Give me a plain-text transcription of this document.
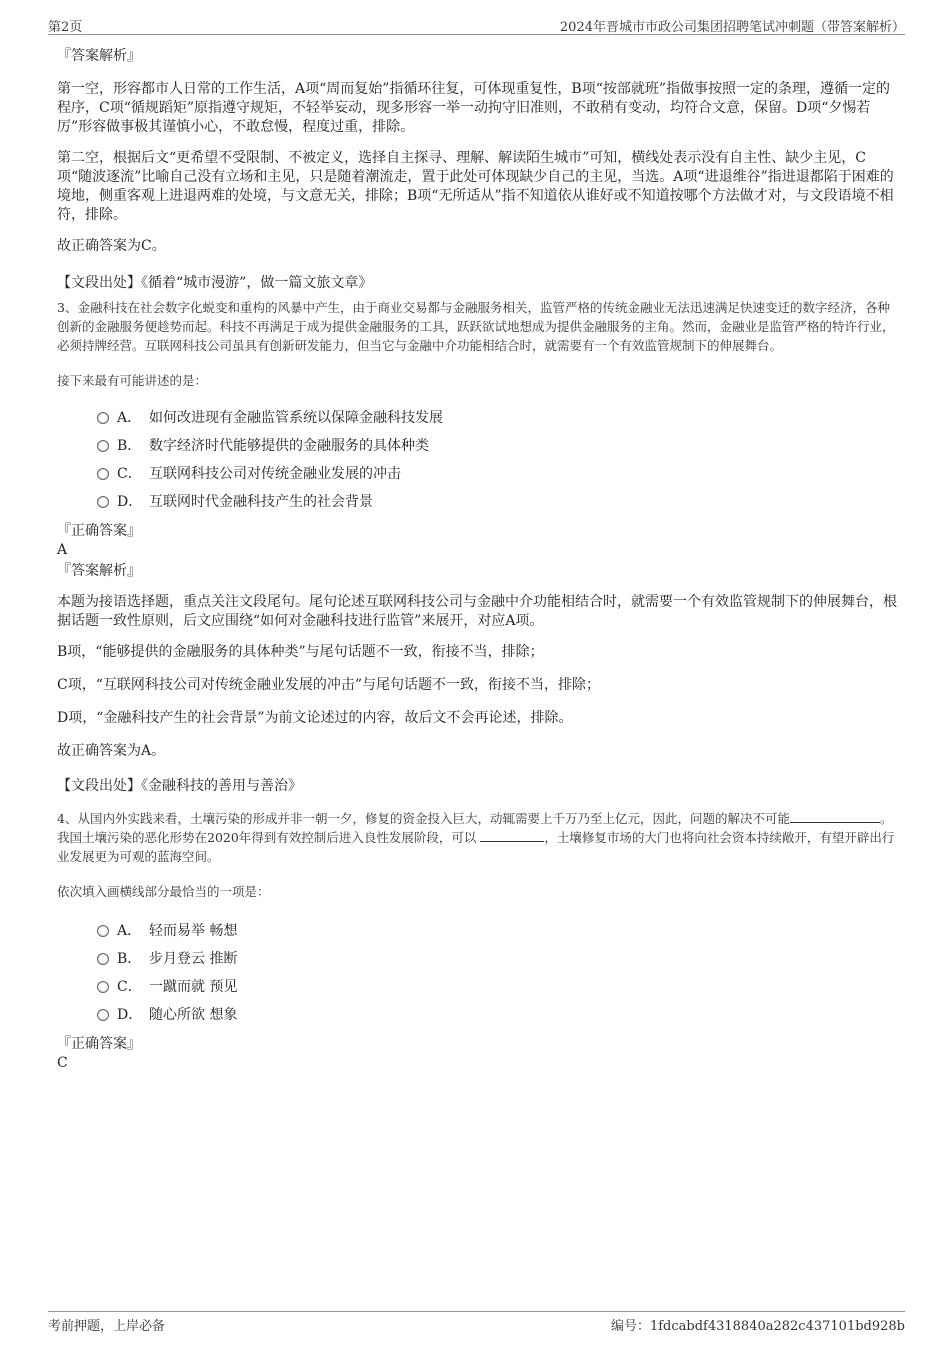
第2页	2024年晋城市市政公司集团招聘笔试冲刺题（带答案解析）

『答案解析』

第一空，形容都市人日常的工作生活，A项“周而复始”指循环往复，可体现重复性，B项“按部就班”指做事按照一定的条理，遵循一定的程序，C项“循规蹈矩”原指遵守规矩，不轻举妄动，现多形容一举一动拘守旧准则，不敢稍有变动，均符合文意，保留。D项“夕惕若厉”形容做事极其谨慎小心，不敢怠慢，程度过重，排除。

第二空，根据后文“更希望不受限制、不被定义，选择自主探寻、理解、解读陌生城市”可知，横线处表示没有自主性、缺少主见，C项“随波逐流”比喻自己没有立场和主见，只是随着潮流走，置于此处可体现缺少自己的主见，当选。A项“进退维谷”指进退都陷于困难的境地，侧重客观上进退两难的处境，与文意无关，排除；B项“无所适从”指不知道依从谁好或不知道按哪个方法做才对，与文段语境不相符，排除。

故正确答案为C。

【文段出处】《循着“城市漫游”，做一篇文旅文章》

3、金融科技在社会数字化蜕变和重构的风暴中产生，由于商业交易都与金融服务相关，监管严格的传统金融业无法迅速满足快速变迁的数字经济，各种创新的金融服务便趁势而起。科技不再满足于成为提供金融服务的工具，跃跃欲试地想成为提供金融服务的主角。然而，金融业是监管严格的特许行业，必须持牌经营。互联网科技公司虽具有创新研发能力，但当它与金融中介功能相结合时，就需要有一个有效监管规制下的伸展舞台。

接下来最有可能讲述的是：

A． 如何改进现有金融监管系统以保障金融科技发展
B． 数字经济时代能够提供的金融服务的具体种类
C． 互联网科技公司对传统金融业发展的冲击
D． 互联网时代金融科技产生的社会背景

『正确答案』

A

『答案解析』

本题为接语选择题，重点关注文段尾句。尾句论述互联网科技公司与金融中介功能相结合时，就需要一个有效监管规制下的伸展舞台，根据话题一致性原则，后文应围绕“如何对金融科技进行监管”来展开，对应A项。

B项，“能够提供的金融服务的具体种类”与尾句话题不一致，衔接不当，排除；

C项，“互联网科技公司对传统金融业发展的冲击”与尾句话题不一致，衔接不当，排除；

D项，“金融科技产生的社会背景”为前文论述过的内容，故后文不会再论述，排除。

故正确答案为A。

【文段出处】《金融科技的善用与善治》

4、从国内外实践来看，土壤污染的形成并非一朝一夕，修复的资金投入巨大，动辄需要上千万乃至上亿元，因此，问题的解决不可能	。我国土壤污染的恶化形势在2020年得到有效控制后进入良性发展阶段，可以	，土壤修复市场的大门也将向社会资本持续敞开，有望开辟出行业发展更为可观的蓝海空间。

依次填入画横线部分最恰当的一项是：

A． 轻而易举 畅想
B． 步月登云 推断
C． 一蹴而就 预见
D． 随心所欲 想象

『正确答案』

C

考前押题，上岸必备	编号：1fdcabdf4318840a282c437101bd928b
